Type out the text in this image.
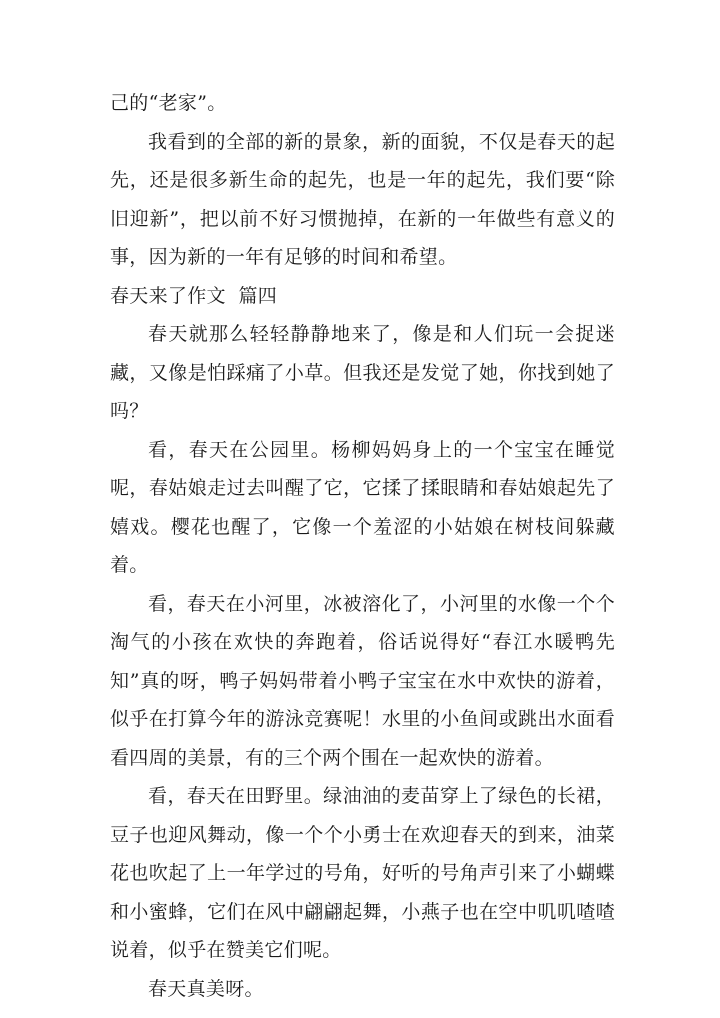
己的“老家”。

我看到的全部的新的景象，新的面貌，不仅是春天的起先，还是很多新生命的起先，也是一年的起先，我们要“除旧迎新”，把以前不好习惯抛掉，在新的一年做些有意义的事，因为新的一年有足够的时间和希望。

春天来了作文  篇四

春天就那么轻轻静静地来了，像是和人们玩一会捉迷藏，又像是怕踩痛了小草。但我还是发觉了她，你找到她了吗？

看，春天在公园里。杨柳妈妈身上的一个宝宝在睡觉呢，春姑娘走过去叫醒了它，它揉了揉眼睛和春姑娘起先了嬉戏。樱花也醒了，它像一个羞涩的小姑娘在树枝间躲藏着。

看，春天在小河里，冰被溶化了，小河里的水像一个个淘气的小孩在欢快的奔跑着，俗话说得好“春江水暖鸭先知”真的呀，鸭子妈妈带着小鸭子宝宝在水中欢快的游着，似乎在打算今年的游泳竞赛呢！水里的小鱼间或跳出水面看看四周的美景，有的三个两个围在一起欢快的游着。

看，春天在田野里。绿油油的麦苗穿上了绿色的长裙，豆子也迎风舞动，像一个个小勇士在欢迎春天的到来，油菜花也吹起了上一年学过的号角，好听的号角声引来了小蝴蝶和小蜜蜂，它们在风中翩翩起舞，小燕子也在空中叽叽喳喳说着，似乎在赞美它们呢。

春天真美呀。
